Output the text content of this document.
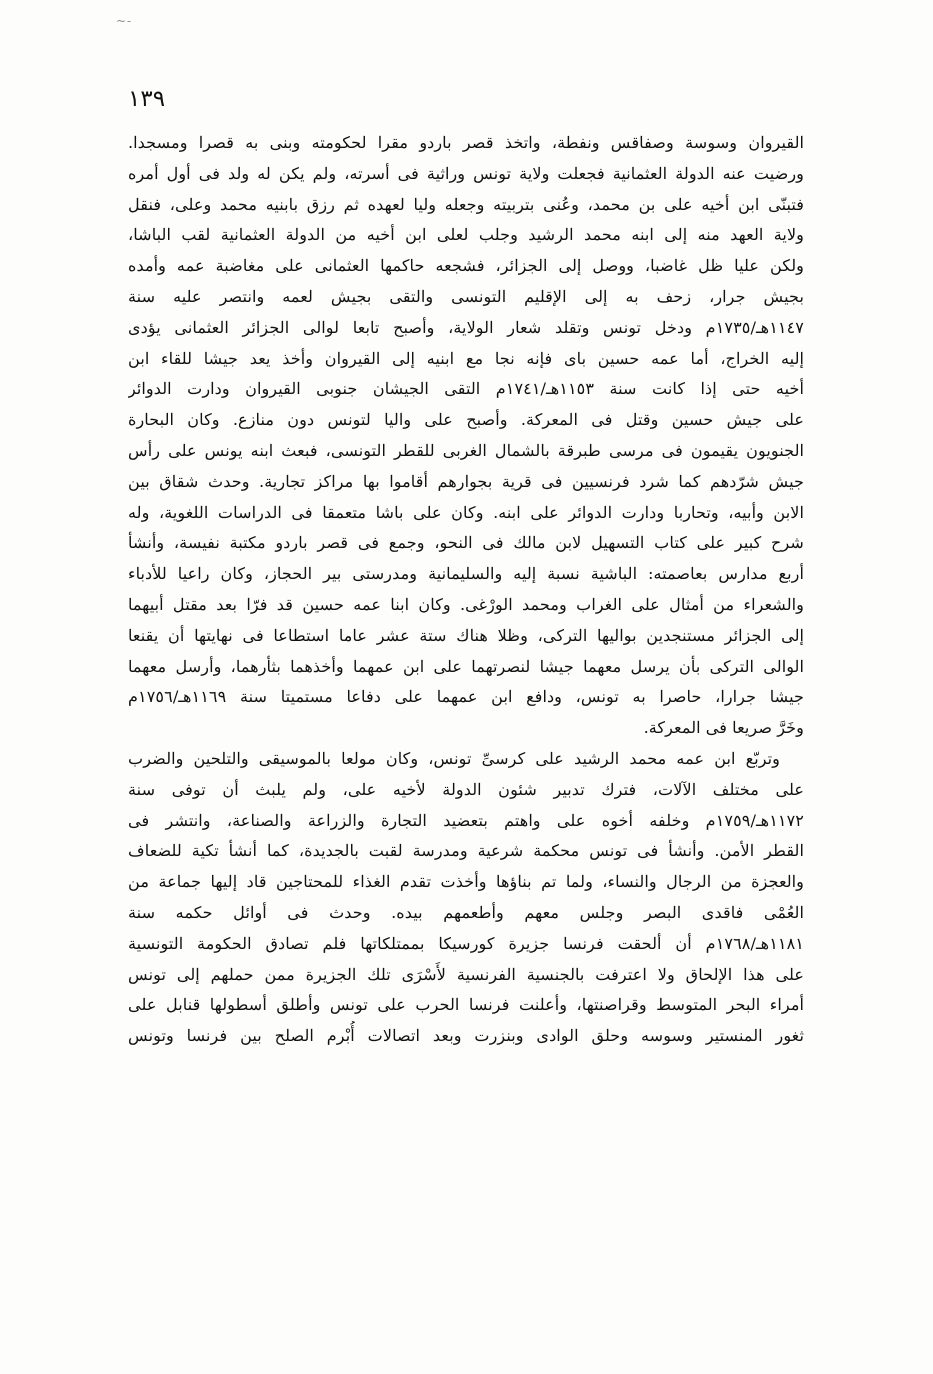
~-
١٣٩
القيروان وسوسة وصفاقس ونفطة، واتخذ قصر باردو مقرا لحكومته وبنى به قصرا ومسجدا.
ورضيت عنه الدولة العثمانية فجعلت ولاية تونس وراثية فى أسرته، ولم يكن له ولد فى أول أمره
فتبنّى ابن أخيه على بن محمد، وعُنى بتربيته وجعله وليا لعهده ثم رزق بابنيه محمد وعلى، فنقل
ولاية العهد منه إلى ابنه محمد الرشيد وجلب لعلى ابن أخيه من الدولة العثمانية لقب الباشا،
ولكن عليا ظل غاضبا، ووصل إلى الجزائر، فشجعه حاكمها العثمانى على مغاضبة عمه وأمده
بجيش جرار، زحف به إلى الإقليم التونسى والتقى بجيش لعمه وانتصر عليه سنة
١١٤٧هـ/١٧٣٥م ودخل تونس وتقلد شعار الولاية، وأصبح تابعا لوالى الجزائر العثمانى يؤدى
إليه الخراج، أما عمه حسين باى فإنه نجا مع ابنيه إلى القيروان وأخذ يعد جيشا للقاء ابن
أخيه حتى إذا كانت سنة ١١٥٣هـ/١٧٤١م التقى الجيشان جنوبى القيروان ودارت الدوائر
على جيش حسين وقتل فى المعركة. وأصبح على واليا لتونس دون منازع. وكان البحارة
الجنويون يقيمون فى مرسى طبرقة بالشمال الغربى للقطر التونسى، فبعث ابنه يونس على رأس
جيش شرّدهم كما شرد فرنسيين فى قرية بجوارهم أقاموا بها مراكز تجارية. وحدث شقاق بين
الابن وأبيه، وتحاربا ودارت الدوائر على ابنه. وكان على باشا متعمقا فى الدراسات اللغوية، وله
شرح كبير على كتاب التسهيل لابن مالك فى النحو، وجمع فى قصر باردو مكتبة نفيسة، وأنشأ
أربع مدارس بعاصمته: الباشية نسبة إليه والسليمانية ومدرستى بير الحجاز، وكان راعيا للأدباء
والشعراء من أمثال على الغراب ومحمد الورْغى. وكان ابنا عمه حسين قد فرّا بعد مقتل أبيهما
إلى الجزائر مستنجدين بواليها التركى، وظلا هناك ستة عشر عاما استطاعا فى نهايتها أن يقنعا
الوالى التركى بأن يرسل معهما جيشا لنصرتهما على ابن عمهما وأخذهما بثأرهما، وأرسل معهما
جيشا جرارا، حاصرا به تونس، ودافع ابن عمهما على دفاعا مستميتا سنة ١١٦٩هـ/١٧٥٦م
وخَرَّ صريعا فى المعركة.
وتربّع ابن عمه محمد الرشيد على كرسىِّ تونس، وكان مولعا بالموسيقى والتلحين والضرب
على مختلف الآلات، فترك تدبير شئون الدولة لأخيه على، ولم يلبث أن توفى سنة
١١٧٢هـ/١٧٥٩م وخلفه أخوه على واهتم بتعضيد التجارة والزراعة والصناعة، وانتشر فى
القطر الأمن. وأنشأ فى تونس محكمة شرعية ومدرسة لقبت بالجديدة، كما أنشأ تكية للضعاف
والعجزة من الرجال والنساء، ولما تم بناؤها وأخذت تقدم الغذاء للمحتاجين قاد إليها جماعة من
العُمْى فاقدى البصر وجلس معهم وأطعمهم بيده. وحدث فى أوائل حكمه سنة
١١٨١هـ/١٧٦٨م أن ألحقت فرنسا جزيرة كورسيكا بممتلكاتها فلم تصادق الحكومة التونسية
على هذا الإلحاق ولا اعترفت بالجنسية الفرنسية لأَسْرَى تلك الجزيرة ممن حملهم إلى تونس
أمراء البحر المتوسط وقراصنتها، وأعلنت فرنسا الحرب على تونس وأطلق أسطولها قنابل على
ثغور المنستير وسوسه وحلق الوادى وبنزرت وبعد اتصالات أُبْرم الصلح بين فرنسا وتونس
